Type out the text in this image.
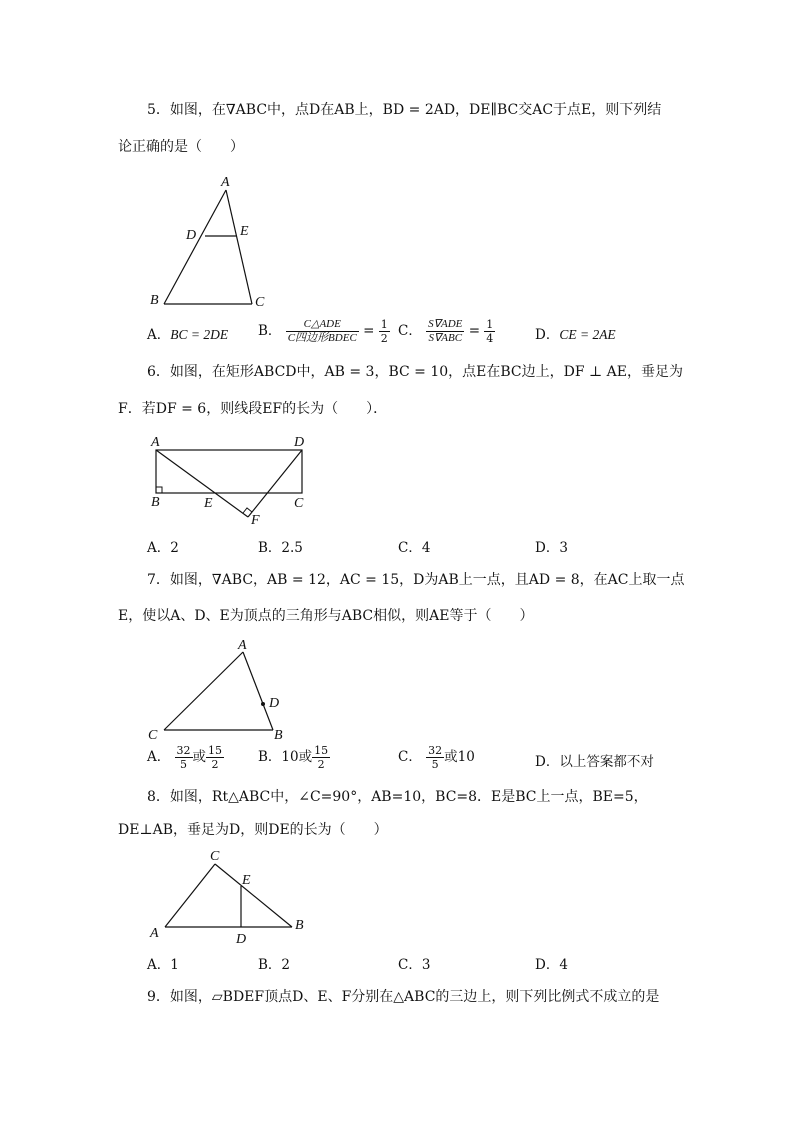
5．如图，在∇ABC中，点D在AB上，BD = 2AD，DE∥BC交AC于点E，则下列结
论正确的是（　　）
A
D	E
B	C
A．BC = 2DE B． $\frac{\text{C△ADE}}{\text{C四边形BDEC}} = \frac{1}{2}$ C． $\frac{\text{S∇ADE}}{\text{S∇ABC}} = \frac{1}{4}$	D．CE = 2AE
6．如图，在矩形ABCD中，AB = 3，BC = 10，点E在BC边上，DF ⊥ AE，垂足为
F．若DF = 6，则线段EF的长为（　　）．
A	D
B	E	C
F
A．2	B．2.5	C．4	D．3
7．如图，∇ABC，AB = 12，AC = 15，D为AB上一点，且AD = 8，在AC上取一点
E，使以A、D、E为顶点的三角形与ABC相似，则AE等于（　　）
A
D
C	B
A． $\frac{32}{5}$ 或 $\frac{15}{2}$	B．10或 $\frac{15}{2}$	C． $\frac{32}{5}$ 或10	D．以上答案都不对
8．如图，Rt△ABC中，∠C=90°，AB=10，BC=8．E是BC上一点，BE=5，
DE⊥AB，垂足为D，则DE的长为（　　）
C
E
A	D
B
A．1	B．2	C．3	D．4
9．如图，▱BDEF顶点D、E、F分别在△ABC的三边上，则下列比例式不成立的是
